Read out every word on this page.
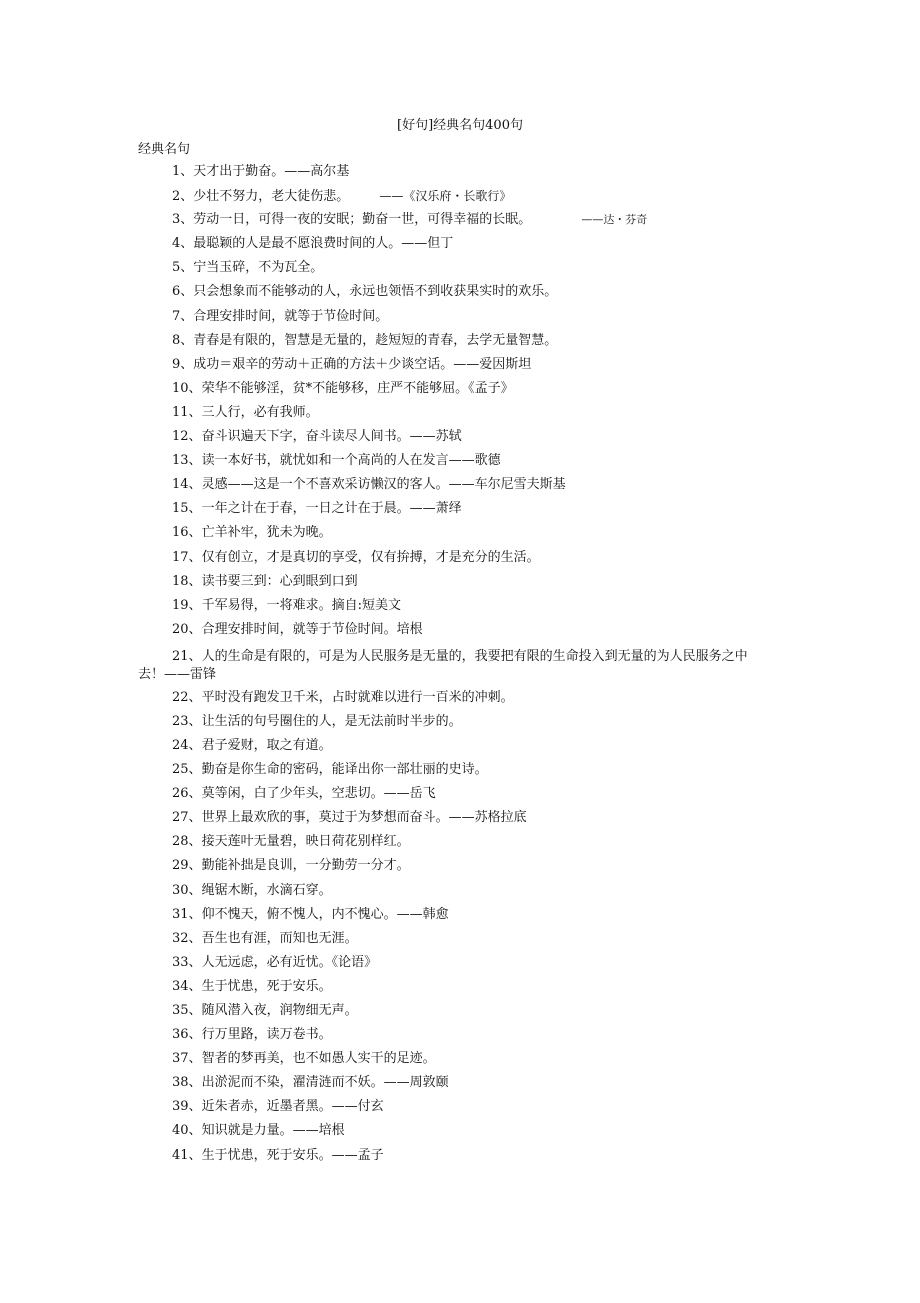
[好句]经典名句400句
经典名句
1、天才出于勤奋。——高尔基
2、少壮不努力，老大徒伤悲。	——《汉乐府・长歌行》
3、劳动一日，可得一夜的安眠；勤奋一世，可得幸福的长眠。	——达・芬奇
4、最聪颖的人是最不愿浪费时间的人。——但丁
5、宁当玉碎，不为瓦全。
6、只会想象而不能够动的人，永远也领悟不到收获果实时的欢乐。
7、合理安排时间，就等于节俭时间。
8、青春是有限的，智慧是无量的，趁短短的青春，去学无量智慧。
9、成功＝艰辛的劳动＋正确的方法＋少谈空话。——爱因斯坦
10、荣华不能够淫，贫*不能够移，庄严不能够屈。《孟子》
11、三人行，必有我师。
12、奋斗识遍天下字，奋斗读尽人间书。——苏轼
13、读一本好书，就忧如和一个高尚的人在发言——歌德
14、灵感——这是一个不喜欢采访懒汉的客人。——车尔尼雪夫斯基
15、一年之计在于春，一日之计在于晨。——萧绎
16、亡羊补牢，犹未为晚。
17、仅有创立，才是真切的享受，仅有拚搏，才是充分的生活。
18、读书要三到：心到眼到口到
19、千军易得，一将难求。摘自:短美文
20、合理安排时间，就等于节俭时间。培根
21、人的生命是有限的，可是为人民服务是无量的，我要把有限的生命投入到无量的为人民服务之中去！——雷锋
22、平时没有跑发卫千米，占时就难以进行一百米的冲刺。
23、让生活的句号圈住的人，是无法前时半步的。
24、君子爱财，取之有道。
25、勤奋是你生命的密码，能译出你一部壮丽的史诗。
26、莫等闲，白了少年头，空悲切。——岳飞
27、世界上最欢欣的事，莫过于为梦想而奋斗。——苏格拉底
28、接天莲叶无量碧，映日荷花别样红。
29、勤能补拙是良训，一分勤劳一分才。
30、绳锯木断，水滴石穿。
31、仰不愧天，俯不愧人，内不愧心。——韩愈
32、吾生也有涯，而知也无涯。
33、人无远虑，必有近忧。《论语》
34、生于忧患，死于安乐。
35、随风潜入夜，润物细无声。
36、行万里路，读万卷书。
37、智者的梦再美，也不如愚人实干的足迹。
38、出淤泥而不染，濯清涟而不妖。——周敦颐
39、近朱者赤，近墨者黑。——付玄
40、知识就是力量。——培根
41、生于忧患，死于安乐。——孟子
